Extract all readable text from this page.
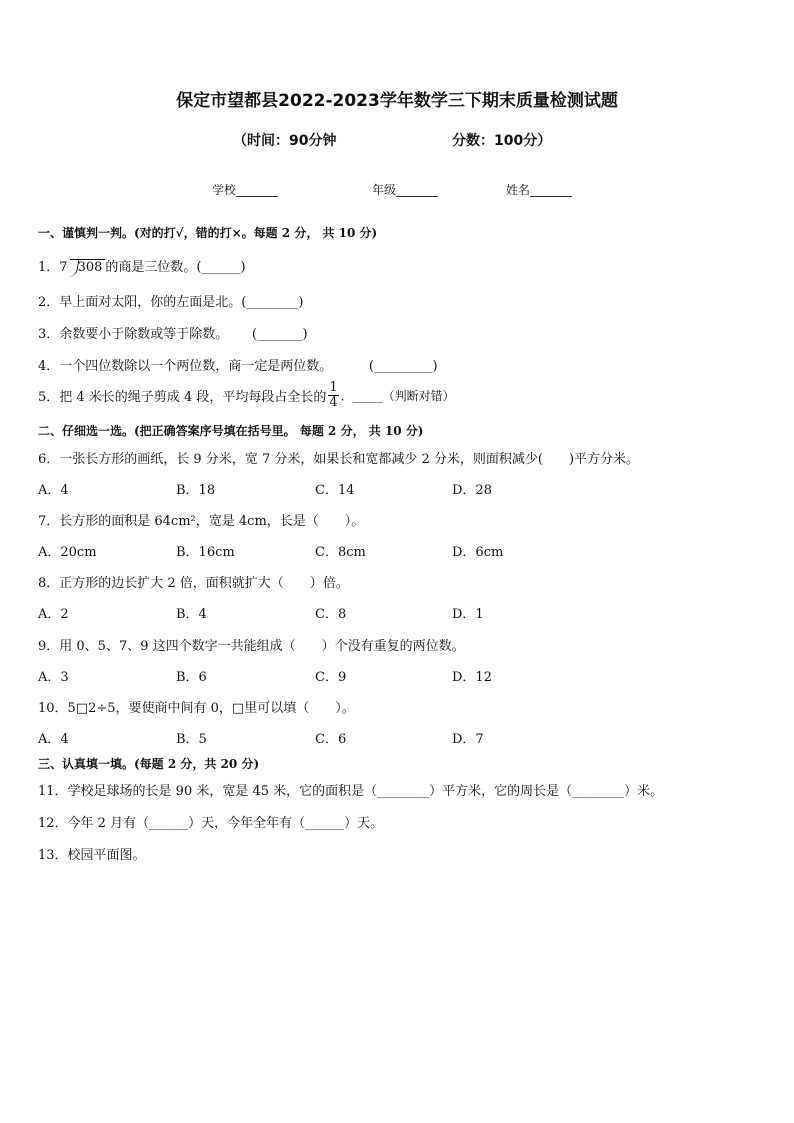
保定市望都县2022-2023学年数学三下期末质量检测试题
（时间：90分钟	分数：100分）
学校_______	年级_______	姓名_______
一、谨慎判一判。(对的打√，错的打×。每题 2 分， 共 10 分)
1．7 308 的商是三位数。(______)
2．早上面对太阳，你的左面是北。(________)
3．余数要小于除数或等于除数。　　 (_______)
4．一个四位数除以一个两位数，商一定是两位数。　　　 (_________)
5．把 4 米长的绳子剪成 4 段，平均每段占全长的 $\frac{1}{4}$ ．_____（判断对错）
二、仔细选一选。(把正确答案序号填在括号里。 每题 2 分， 共 10 分)
6．一张长方形的画纸，长 9 分米，宽 7 分米，如果长和宽都减少 2 分米，则面积减少(　　)平方分米。
A．4	B．18	C．14	D．28
7．长方形的面积是 64cm²，宽是 4cm，长是（　　）。
A．20cm	B．16cm	C．8cm	D．6cm
8．正方形的边长扩大 2 倍，面积就扩大（　　）倍。
A．2	B．4	C．8	D．1
9．用 0、5、7、9 这四个数字一共能组成（　　）个没有重复的两位数。
A．3	B．6	C．9	D．12
10．5□2÷5，要使商中间有 0，□里可以填（　　）。
A．4	B．5	C．6	D．7
三、认真填一填。(每题 2 分，共 20 分)
11．学校足球场的长是 90 米，宽是 45 米，它的面积是（________）平方米，它的周长是（________）米。
12．今年 2 月有（______）天，今年全年有（______）天。
13．校园平面图。
